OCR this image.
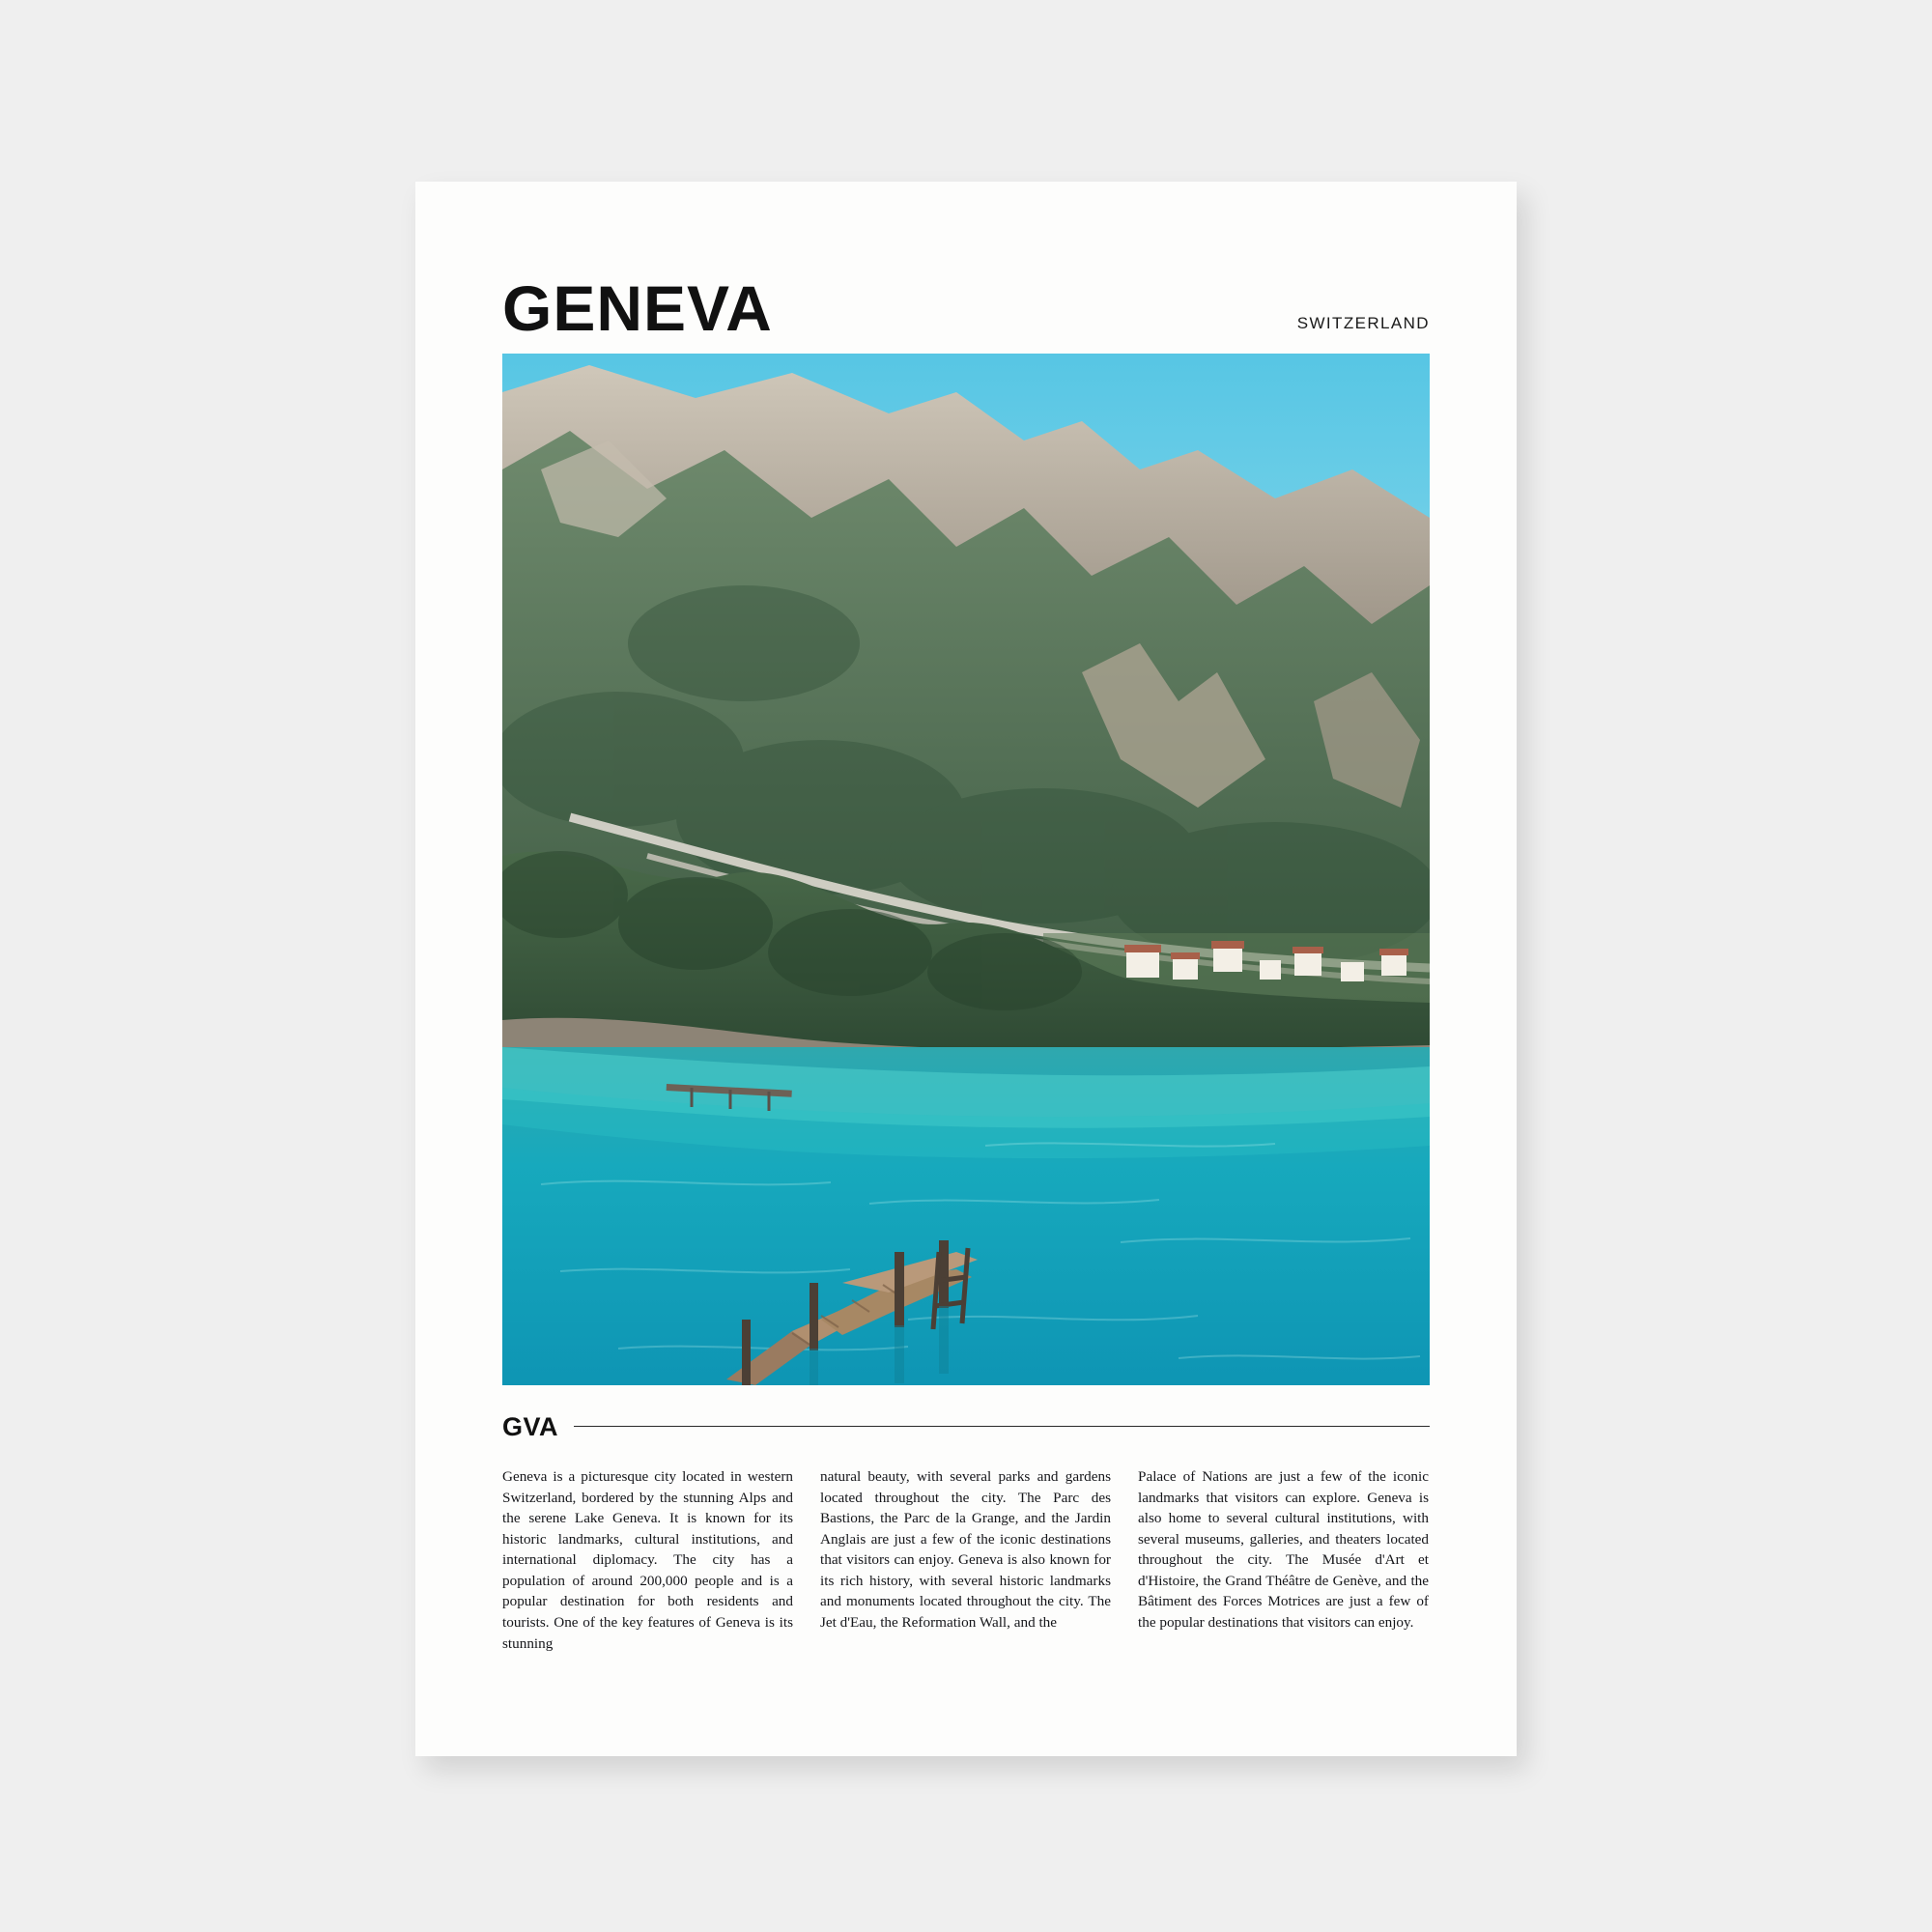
GENEVA	SWITZERLAND
GVA
Geneva is a picturesque city located in western Switzerland, bordered by the stunning Alps and the serene Lake Geneva. It is known for its historic landmarks, cultural institutions, and international diplomacy. The city has a population of around 200,000 people and is a popular destination for both residents and tourists. One of the key features of Geneva is its stunning
natural beauty, with several parks and gardens located throughout the city. The Parc des Bastions, the Parc de la Grange, and the Jardin Anglais are just a few of the iconic destinations that visitors can enjoy. Geneva is also known for its rich history, with several historic landmarks and monuments located throughout the city. The Jet d'Eau, the Reformation Wall, and the
Palace of Nations are just a few of the iconic landmarks that visitors can explore. Geneva is also home to several cultural institutions, with several museums, galleries, and theaters located throughout the city. The Musée d'Art et d'Histoire, the Grand Théâtre de Genève, and the Bâtiment des Forces Motrices are just a few of the popular destinations that visitors can enjoy.
